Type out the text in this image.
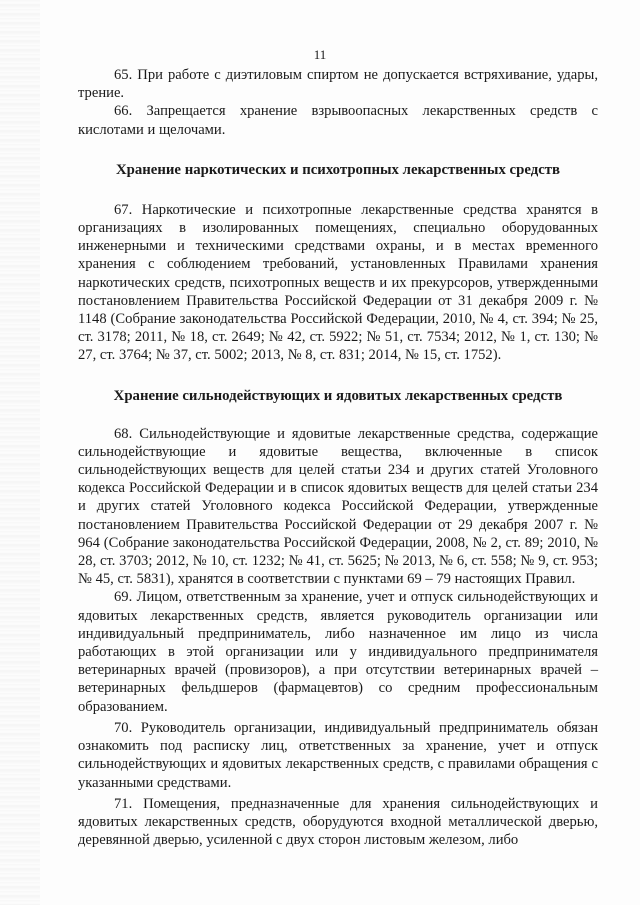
11

65. При работе с диэтиловым спиртом не допускается встряхивание, удары, трение.

66. Запрещается хранение взрывоопасных лекарственных средств с кислотами и щелочами.

Хранение наркотических и психотропных лекарственных средств

67. Наркотические и психотропные лекарственные средства хранятся в организациях в изолированных помещениях, специально оборудованных инженерными и техническими средствами охраны, и в местах временного хранения с соблюдением требований, установленных Правилами хранения наркотических средств, психотропных веществ и их прекурсоров, утвержденными постановлением Правительства Российской Федерации от 31 декабря 2009 г. № 1148 (Собрание законодательства Российской Федерации, 2010, № 4, ст. 394; № 25, ст. 3178; 2011, № 18, ст. 2649; № 42, ст. 5922; № 51, ст. 7534; 2012, № 1, ст. 130; № 27, ст. 3764; № 37, ст. 5002; 2013, № 8, ст. 831; 2014, № 15, ст. 1752).

Хранение сильнодействующих и ядовитых лекарственных средств

68. Сильнодействующие и ядовитые лекарственные средства, содержащие сильнодействующие и ядовитые вещества, включенные в список сильнодействующих веществ для целей статьи 234 и других статей Уголовного кодекса Российской Федерации и в список ядовитых веществ для целей статьи 234 и других статей Уголовного кодекса Российской Федерации, утвержденные постановлением Правительства Российской Федерации от 29 декабря 2007 г. № 964 (Собрание законодательства Российской Федерации, 2008, № 2, ст. 89; 2010, № 28, ст. 3703; 2012, № 10, ст. 1232; № 41, ст. 5625; № 2013, № 6, ст. 558; № 9, ст. 953; № 45, ст. 5831), хранятся в соответствии с пунктами 69 – 79 настоящих Правил.

69. Лицом, ответственным за хранение, учет и отпуск сильнодействующих и ядовитых лекарственных средств, является руководитель организации или индивидуальный предприниматель, либо назначенное им лицо из числа работающих в этой организации или у индивидуального предпринимателя ветеринарных врачей (провизоров), а при отсутствии ветеринарных врачей – ветеринарных фельдшеров (фармацевтов) со средним профессиональным образованием.

70. Руководитель организации, индивидуальный предприниматель обязан ознакомить под расписку лиц, ответственных за хранение, учет и отпуск сильнодействующих и ядовитых лекарственных средств, с правилами обращения с указанными средствами.

71. Помещения, предназначенные для хранения сильнодействующих и ядовитых лекарственных средств, оборудуются входной металлической дверью, деревянной дверью, усиленной с двух сторон листовым железом, либо
